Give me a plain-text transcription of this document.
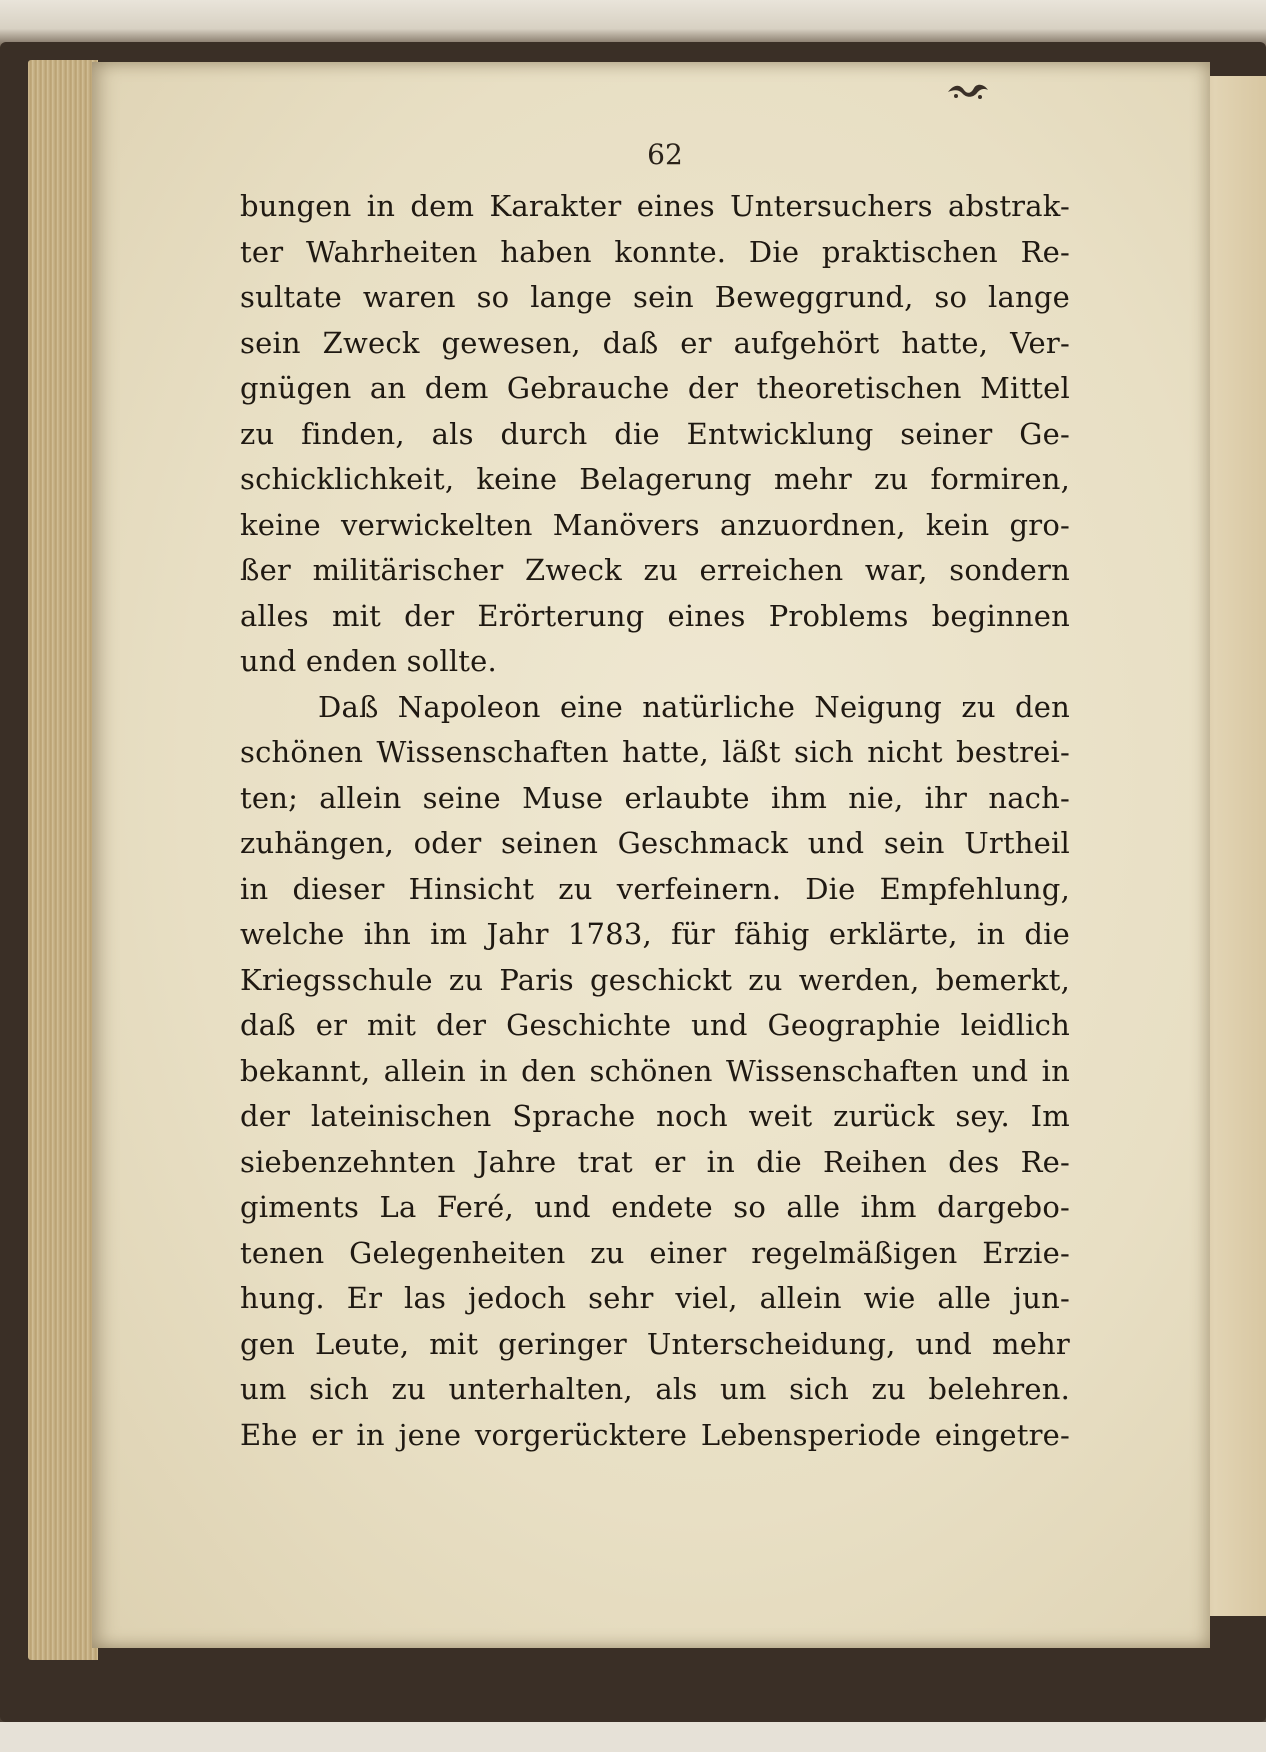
62
bungen in dem Karakter eines Untersuchers abstrak-
ter Wahrheiten haben konnte. Die praktischen Re-
sultate waren so lange sein Beweggrund, so lange
sein Zweck gewesen, daß er aufgehört hatte, Ver-
gnügen an dem Gebrauche der theoretischen Mittel
zu finden, als durch die Entwicklung seiner Ge-
schicklichkeit, keine Belagerung mehr zu formiren,
keine verwickelten Manövers anzuordnen, kein gro-
ßer militärischer Zweck zu erreichen war, sondern
alles mit der Erörterung eines Problems beginnen
und enden sollte.
Daß Napoleon eine natürliche Neigung zu den
schönen Wissenschaften hatte, läßt sich nicht bestrei-
ten; allein seine Muse erlaubte ihm nie, ihr nach-
zuhängen, oder seinen Geschmack und sein Urtheil
in dieser Hinsicht zu verfeinern. Die Empfehlung,
welche ihn im Jahr 1783, für fähig erklärte, in die
Kriegsschule zu Paris geschickt zu werden, bemerkt,
daß er mit der Geschichte und Geographie leidlich
bekannt, allein in den schönen Wissenschaften und in
der lateinischen Sprache noch weit zurück sey. Im
siebenzehnten Jahre trat er in die Reihen des Re-
giments La Feré, und endete so alle ihm dargebo-
tenen Gelegenheiten zu einer regelmäßigen Erzie-
hung. Er las jedoch sehr viel, allein wie alle jun-
gen Leute, mit geringer Unterscheidung, und mehr
um sich zu unterhalten, als um sich zu belehren.
Ehe er in jene vorgerücktere Lebensperiode eingetre-
